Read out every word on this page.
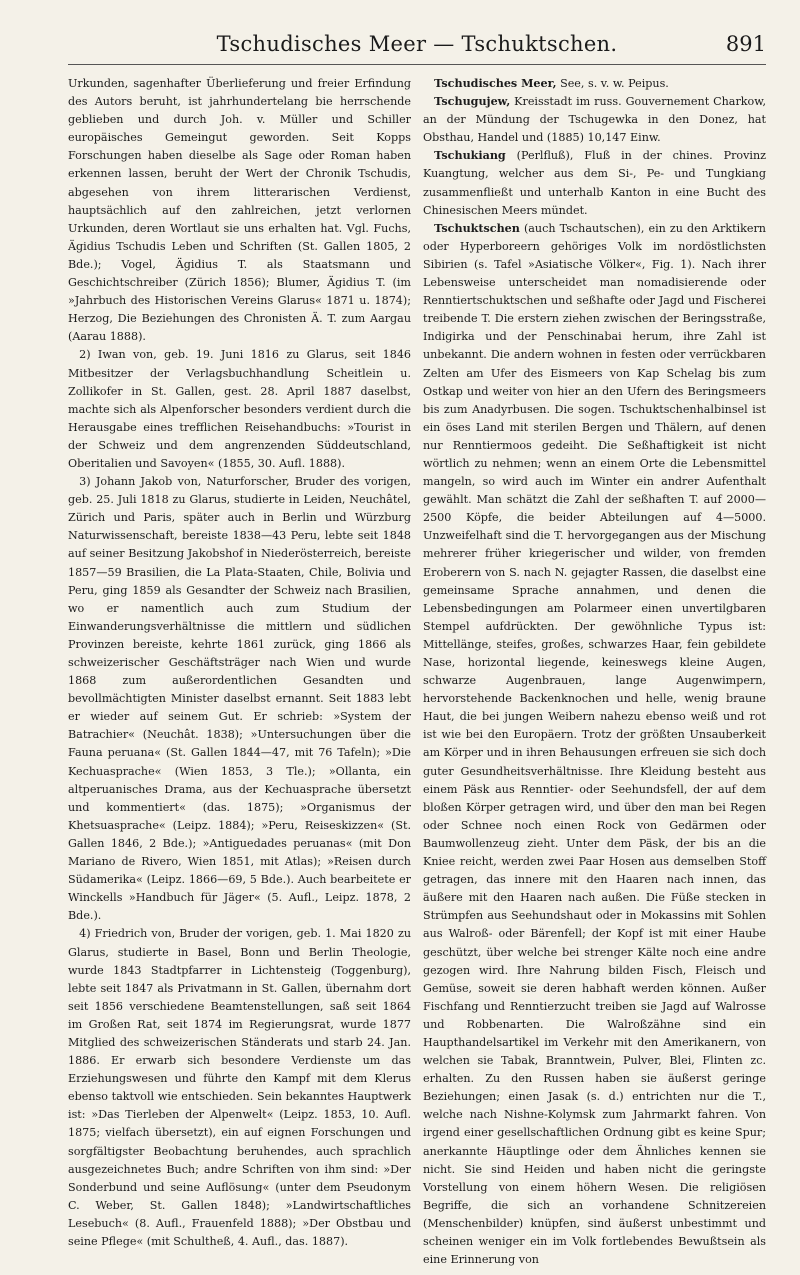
Tschudisches Meer — Tschuktschen.	891

Urkunden, sagenhafter Überlieferung und freier Erfindung des Autors beruht, ist jahrhundertelang bie herrschende geblieben und durch Joh. v. Müller und Schiller europäisches Gemeingut geworden. Seit Kopps Forschungen haben dieselbe als Sage oder Roman haben erkennen lassen, beruht der Wert der Chronik Tschudis, abgesehen von ihrem litterarischen Verdienst, hauptsächlich auf den zahlreichen, jetzt verlornen Urkunden, deren Wortlaut sie uns erhalten hat. Vgl. Fuchs, Ägidius Tschudis Leben und Schriften (St. Gallen 1805, 2 Bde.); Vogel, Ägidius T. als Staatsmann und Geschichtschreiber (Zürich 1856); Blumer, Ägidius T. (im »Jahrbuch des Historischen Vereins Glarus« 1871 u. 1874); Herzog, Die Beziehungen des Chronisten Ä. T. zum Aargau (Aarau 1888).

2) Iwan von, geb. 19. Juni 1816 zu Glarus, seit 1846 Mitbesitzer der Verlagsbuchhandlung Scheitlein u. Zollikofer in St. Gallen, gest. 28. April 1887 daselbst, machte sich als Alpenforscher besonders verdient durch die Herausgabe eines trefflichen Reisehandbuchs: »Tourist in der Schweiz und dem angrenzenden Süddeutschland, Oberitalien und Savoyen« (1855, 30. Aufl. 1888).

3) Johann Jakob von, Naturforscher, Bruder des vorigen, geb. 25. Juli 1818 zu Glarus, studierte in Leiden, Neuchâtel, Zürich und Paris, später auch in Berlin und Würzburg Naturwissenschaft, bereiste 1838—43 Peru, lebte seit 1848 auf seiner Besitzung Jakobshof in Niederösterreich, bereiste 1857—59 Brasilien, die La Plata-Staaten, Chile, Bolivia und Peru, ging 1859 als Gesandter der Schweiz nach Brasilien, wo er namentlich auch zum Studium der Einwanderungsverhältnisse die mittlern und südlichen Provinzen bereiste, kehrte 1861 zurück, ging 1866 als schweizerischer Geschäftsträger nach Wien und wurde 1868 zum außerordentlichen Gesandten und bevollmächtigten Minister daselbst ernannt. Seit 1883 lebt er wieder auf seinem Gut. Er schrieb: »System der Batrachier« (Neuchât. 1838); »Untersuchungen über die Fauna peruana« (St. Gallen 1844—47, mit 76 Tafeln); »Die Kechuasprache« (Wien 1853, 3 Tle.); »Ollanta, ein altperuanisches Drama, aus der Kechuasprache übersetzt und kommentiert« (das. 1875); »Organismus der Khetsuasprache« (Leipz. 1884); »Peru, Reiseskizzen« (St. Gallen 1846, 2 Bde.); »Antiguedades peruanas« (mit Don Mariano de Rivero, Wien 1851, mit Atlas); »Reisen durch Südamerika« (Leipz. 1866—69, 5 Bde.). Auch bearbeitete er Winckells »Handbuch für Jäger« (5. Aufl., Leipz. 1878, 2 Bde.).

4) Friedrich von, Bruder der vorigen, geb. 1. Mai 1820 zu Glarus, studierte in Basel, Bonn und Berlin Theologie, wurde 1843 Stadtpfarrer in Lichtensteig (Toggenburg), lebte seit 1847 als Privatmann in St. Gallen, übernahm dort seit 1856 verschiedene Beamtenstellungen, saß seit 1864 im Großen Rat, seit 1874 im Regierungsrat, wurde 1877 Mitglied des schweizerischen Ständerats und starb 24. Jan. 1886. Er erwarb sich besondere Verdienste um das Erziehungswesen und führte den Kampf mit dem Klerus ebenso taktvoll wie entschieden. Sein bekanntes Hauptwerk ist: »Das Tierleben der Alpenwelt« (Leipz. 1853, 10. Aufl. 1875; vielfach übersetzt), ein auf eignen Forschungen und sorgfältigster Beobachtung beruhendes, auch sprachlich ausgezeichnetes Buch; andre Schriften von ihm sind: »Der Sonderbund und seine Auflösung« (unter dem Pseudonym C. Weber, St. Gallen 1848); »Landwirtschaftliches Lesebuch« (8. Aufl., Frauenfeld 1888); »Der Obstbau und seine Pflege« (mit Schultheß, 4. Aufl., das. 1887).

Tschudisches Meer, See, s. v. w. Peipus.

Tschugujew, Kreisstadt im russ. Gouvernement Charkow, an der Mündung der Tschugewka in den Donez, hat Obsthau, Handel und (1885) 10,147 Einw.

Tschukiang (Perlfluß), Fluß in der chines. Provinz Kuangtung, welcher aus dem Si-, Pe- und Tungkiang zusammenfließt und unterhalb Kanton in eine Bucht des Chinesischen Meers mündet.

Tschuktschen (auch Tschautschen), ein zu den Arktikern oder Hyperboreern gehöriges Volk im nordöstlichsten Sibirien (s. Tafel »Asiatische Völker«, Fig. 1). Nach ihrer Lebensweise unterscheidet man nomadisierende oder Renntiertschuktschen und seßhafte oder Jagd und Fischerei treibende T. Die erstern ziehen zwischen der Beringsstraße, Indigirka und der Penschinabai herum, ihre Zahl ist unbekannt. Die andern wohnen in festen oder verrückbaren Zelten am Ufer des Eismeers von Kap Schelag bis zum Ostkap und weiter von hier an den Ufern des Beringsmeers bis zum Anadyrbusen. Die sogen. Tschuktschenhalbinsel ist ein öses Land mit sterilen Bergen und Thälern, auf denen nur Renntiermoos gedeiht. Die Seßhaftigkeit ist nicht wörtlich zu nehmen; wenn an einem Orte die Lebensmittel mangeln, so wird auch im Winter ein andrer Aufenthalt gewählt. Man schätzt die Zahl der seßhaften T. auf 2000—2500 Köpfe, die beider Abteilungen auf 4—5000. Unzweifelhaft sind die T. hervorgegangen aus der Mischung mehrerer früher kriegerischer und wilder, von fremden Eroberern von S. nach N. gejagter Rassen, die daselbst eine gemeinsame Sprache annahmen, und denen die Lebensbedingungen am Polarmeer einen unvertilgbaren Stempel aufdrückten. Der gewöhnliche Typus ist: Mittellänge, steifes, großes, schwarzes Haar, fein gebildete Nase, horizontal liegende, keineswegs kleine Augen, schwarze Augenbrauen, lange Augenwimpern, hervorstehende Backenknochen und helle, wenig braune Haut, die bei jungen Weibern nahezu ebenso weiß und rot ist wie bei den Europäern. Trotz der größten Unsauberkeit am Körper und in ihren Behausungen erfreuen sie sich doch guter Gesundheitsverhältnisse. Ihre Kleidung besteht aus einem Päsk aus Renntier- oder Seehundsfell, der auf dem bloßen Körper getragen wird, und über den man bei Regen oder Schnee noch einen Rock von Gedärmen oder Baumwollenzeug zieht. Unter dem Päsk, der bis an die Kniee reicht, werden zwei Paar Hosen aus demselben Stoff getragen, das innere mit den Haaren nach innen, das äußere mit den Haaren nach außen. Die Füße stecken in Strümpfen aus Seehundshaut oder in Mokassins mit Sohlen aus Walroß- oder Bärenfell; der Kopf ist mit einer Haube geschützt, über welche bei strenger Kälte noch eine andre gezogen wird. Ihre Nahrung bilden Fisch, Fleisch und Gemüse, soweit sie deren habhaft werden können. Außer Fischfang und Renntierzucht treiben sie Jagd auf Walrosse und Robbenarten. Die Walroßzähne sind ein Haupthandelsartikel im Verkehr mit den Amerikanern, von welchen sie Tabak, Branntwein, Pulver, Blei, Flinten zc. erhalten. Zu den Russen haben sie äußerst geringe Beziehungen; einen Jasak (s. d.) entrichten nur die T., welche nach Nishne-Kolymsk zum Jahrmarkt fahren. Von irgend einer gesellschaftlichen Ordnung gibt es keine Spur; anerkannte Häuptlinge oder dem Ähnliches kennen sie nicht. Sie sind Heiden und haben nicht die geringste Vorstellung von einem höhern Wesen. Die religiösen Begriffe, die sich an vorhandene Schnitzereien (Menschenbilder) knüpfen, sind äußerst unbestimmt und scheinen weniger ein im Volk fortlebendes Bewußtsein als eine Erinnerung von
